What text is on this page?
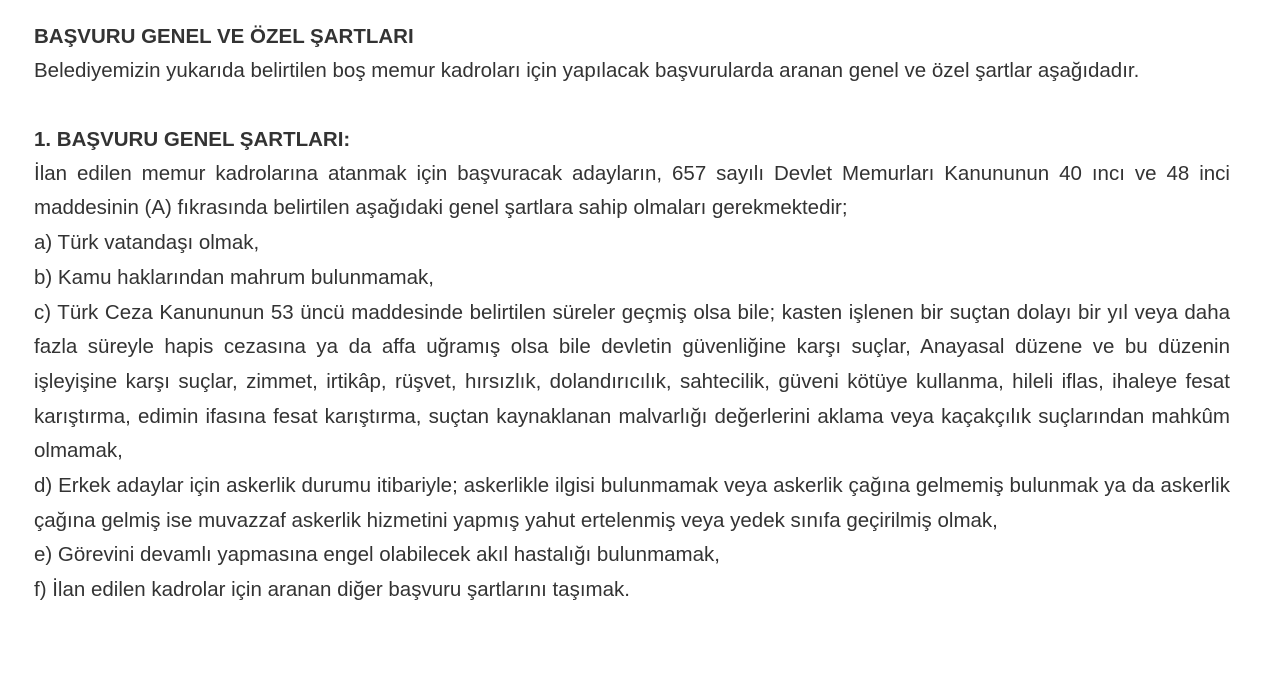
BAŞVURU GENEL VE ÖZEL ŞARTLARI

Belediyemizin yukarıda belirtilen boş memur kadroları için yapılacak başvurularda aranan genel ve özel şartlar aşağıdadır.

1. BAŞVURU GENEL ŞARTLARI:

İlan edilen memur kadrolarına atanmak için başvuracak adayların, 657 sayılı Devlet Memurları Kanununun 40 ıncı ve 48 inci maddesinin (A) fıkrasında belirtilen aşağıdaki genel şartlara sahip olmaları gerekmektedir;

a) Türk vatandaşı olmak,

b) Kamu haklarından mahrum bulunmamak,

c) Türk Ceza Kanununun 53 üncü maddesinde belirtilen süreler geçmiş olsa bile; kasten işlenen bir suçtan dolayı bir yıl veya daha fazla süreyle hapis cezasına ya da affa uğramış olsa bile devletin güvenliğine karşı suçlar, Anayasal düzene ve bu düzenin işleyişine karşı suçlar, zimmet, irtikâp, rüşvet, hırsızlık, dolandırıcılık, sahtecilik, güveni kötüye kullanma, hileli iflas, ihaleye fesat karıştırma, edimin ifasına fesat karıştırma, suçtan kaynaklanan malvarlığı değerlerini aklama veya kaçakçılık suçlarından mahkûm olmamak,

d) Erkek adaylar için askerlik durumu itibariyle; askerlikle ilgisi bulunmamak veya askerlik çağına gelmemiş bulunmak ya da askerlik çağına gelmiş ise muvazzaf askerlik hizmetini yapmış yahut ertelenmiş veya yedek sınıfa geçirilmiş olmak,

e) Görevini devamlı yapmasına engel olabilecek akıl hastalığı bulunmamak,

f) İlan edilen kadrolar için aranan diğer başvuru şartlarını taşımak.
